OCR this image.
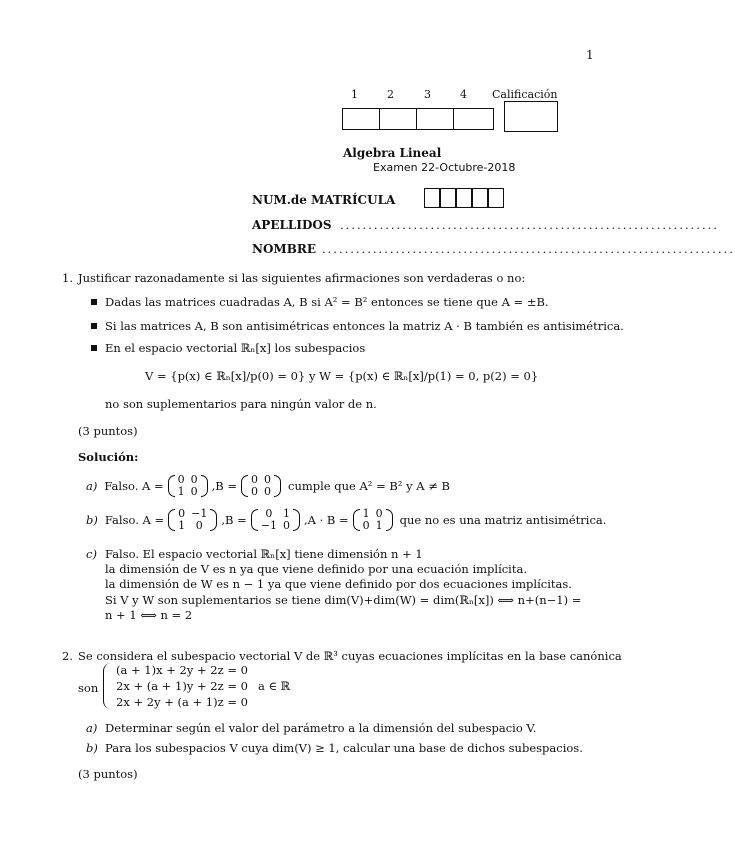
1
1	2	3	4 Calificación
Algebra Lineal
Examen 22-Octubre-2018
NUM.de MATRÍCULA
APELLIDOS ...................................................................
NOMBRE .........................................................................
1. Justificar razonadamente si las siguientes afirmaciones son verdaderas o no:
Dadas las matrices cuadradas A, B si A² = B² entonces se tiene que A = ±B.
Si las matrices A, B son antisimétricas entonces la matriz A · B también es antisimétrica.
En el espacio vectorial ℝₙ[x] los subespacios
V = {p(x) ∈ ℝₙ[x]/p(0) = 0} y W = {p(x) ∈ ℝₙ[x]/p(1) = 0, p(2) = 0}
no son suplementarios para ningún valor de n.
(3 puntos)
Solución:
a) Falso. A = 0	0
1	0 ,B = 0	0
0	0 cumple que A² = B² y A ≠ B
b) Falso. A = 0	−1
1	0 ,B = 0	1
−1	0 ,A · B = 1	0
0	1 que no es una matriz antisimétrica.
c) Falso. El espacio vectorial ℝₙ[x] tiene dimensión n + 1
la dimensión de V es n ya que viene definido por una ecuación implícita.
la dimensión de W es n − 1 ya que viene definido por dos ecuaciones implícitas.
Si V y W son suplementarios se tiene dim(V)+dim(W) = dim(ℝₙ[x]) ⟺ n+(n−1) =
n + 1 ⟺ n = 2
2. Se considera el subespacio vectorial V de ℝ³ cuyas ecuaciones implícitas en la base canónica
son
(a + 1)x + 2y + 2z = 0
2x + (a + 1)y + 2z = 0
2x + 2y + (a + 1)z = 0
a ∈ ℝ
a) Determinar según el valor del parámetro a la dimensión del subespacio V.
b) Para los subespacios V cuya dim(V) ≥ 1, calcular una base de dichos subespacios.
(3 puntos)
